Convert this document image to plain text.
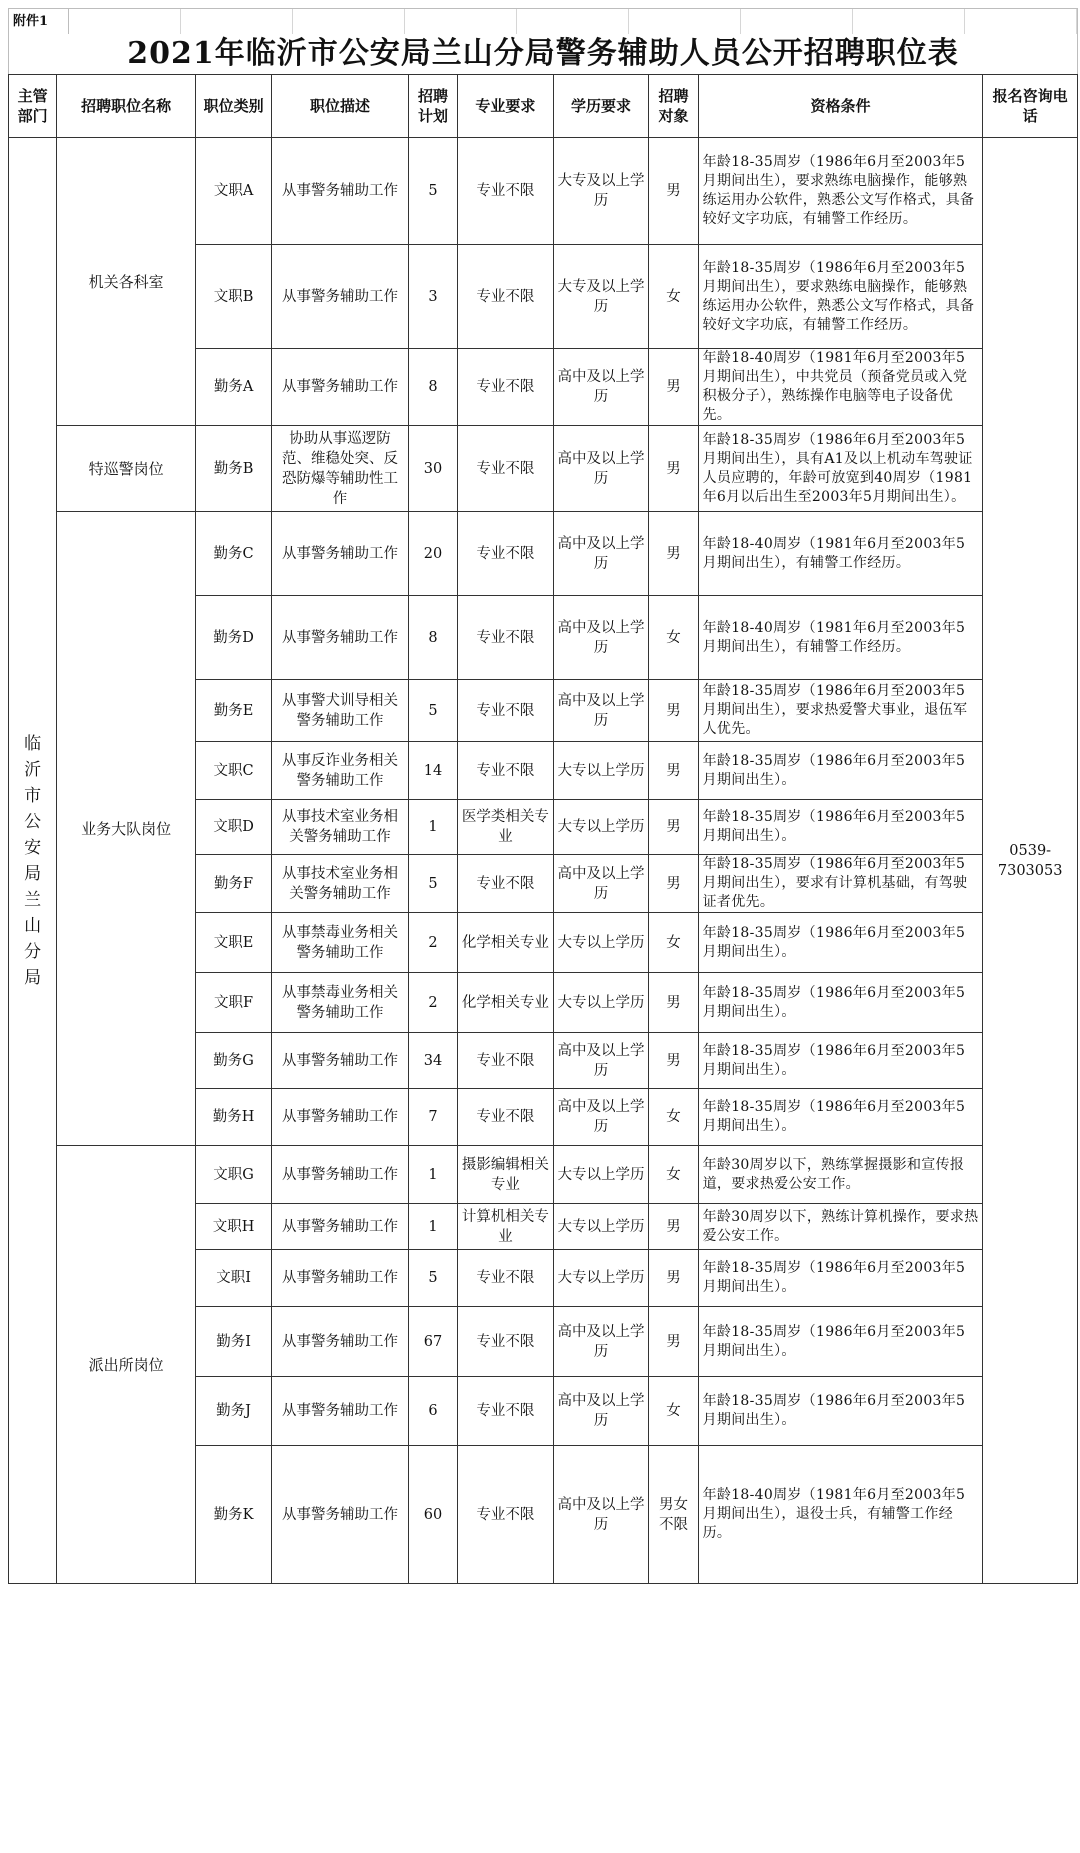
附件1
2021年临沂市公安局兰山分局警务辅助人员公开招聘职位表
主管部门	招聘职位名称	职位类别	职位描述	招聘计划	专业要求	学历要求	招聘对象	资格条件	报名咨询电话
临沂市公安局兰山分局	机关各科室	文职A	从事警务辅助工作	5	专业不限	大专及以上学历	男	年龄18-35周岁（1986年6月至2003年5月期间出生），要求熟练电脑操作，能够熟练运用办公软件，熟悉公文写作格式，具备较好文字功底，有辅警工作经历。	0539-7303053
		文职B	从事警务辅助工作	3	专业不限	大专及以上学历	女	年龄18-35周岁（1986年6月至2003年5月期间出生），要求熟练电脑操作，能够熟练运用办公软件，熟悉公文写作格式，具备较好文字功底，有辅警工作经历。	
		勤务A	从事警务辅助工作	8	专业不限	高中及以上学历	男	年龄18-40周岁（1981年6月至2003年5月期间出生），中共党员（预备党员或入党积极分子），熟练操作电脑等电子设备优先。	
	特巡警岗位	勤务B	协助从事巡逻防范、维稳处突、反恐防爆等辅助性工作	30	专业不限	高中及以上学历	男	年龄18-35周岁（1986年6月至2003年5月期间出生），具有A1及以上机动车驾驶证人员应聘的，年龄可放宽到40周岁（1981年6月以后出生至2003年5月期间出生）。	
	业务大队岗位	勤务C	从事警务辅助工作	20	专业不限	高中及以上学历	男	年龄18-40周岁（1981年6月至2003年5月期间出生），有辅警工作经历。	
		勤务D	从事警务辅助工作	8	专业不限	高中及以上学历	女	年龄18-40周岁（1981年6月至2003年5月期间出生），有辅警工作经历。	
		勤务E	从事警犬训导相关警务辅助工作	5	专业不限	高中及以上学历	男	年龄18-35周岁（1986年6月至2003年5月期间出生），要求热爱警犬事业，退伍军人优先。	
		文职C	从事反诈业务相关警务辅助工作	14	专业不限	大专以上学历	男	年龄18-35周岁（1986年6月至2003年5月期间出生）。	
		文职D	从事技术室业务相关警务辅助工作	1	医学类相关专业	大专以上学历	男	年龄18-35周岁（1986年6月至2003年5月期间出生）。	
		勤务F	从事技术室业务相关警务辅助工作	5	专业不限	高中及以上学历	男	年龄18-35周岁（1986年6月至2003年5月期间出生），要求有计算机基础，有驾驶证者优先。	
		文职E	从事禁毒业务相关警务辅助工作	2	化学相关专业	大专以上学历	女	年龄18-35周岁（1986年6月至2003年5月期间出生）。	
		文职F	从事禁毒业务相关警务辅助工作	2	化学相关专业	大专以上学历	男	年龄18-35周岁（1986年6月至2003年5月期间出生）。	
		勤务G	从事警务辅助工作	34	专业不限	高中及以上学历	男	年龄18-35周岁（1986年6月至2003年5月期间出生）。	
		勤务H	从事警务辅助工作	7	专业不限	高中及以上学历	女	年龄18-35周岁（1986年6月至2003年5月期间出生）。	
	派出所岗位	文职G	从事警务辅助工作	1	摄影编辑相关专业	大专以上学历	女	年龄30周岁以下，熟练掌握摄影和宣传报道，要求热爱公安工作。	
		文职H	从事警务辅助工作	1	计算机相关专业	大专以上学历	男	年龄30周岁以下，熟练计算机操作，要求热爱公安工作。	
		文职I	从事警务辅助工作	5	专业不限	大专以上学历	男	年龄18-35周岁（1986年6月至2003年5月期间出生）。	
		勤务I	从事警务辅助工作	67	专业不限	高中及以上学历	男	年龄18-35周岁（1986年6月至2003年5月期间出生）。	
		勤务J	从事警务辅助工作	6	专业不限	高中及以上学历	女	年龄18-35周岁（1986年6月至2003年5月期间出生）。	
		勤务K	从事警务辅助工作	60	专业不限	高中及以上学历	男女不限	年龄18-40周岁（1981年6月至2003年5月期间出生），退役士兵，有辅警工作经历。	
